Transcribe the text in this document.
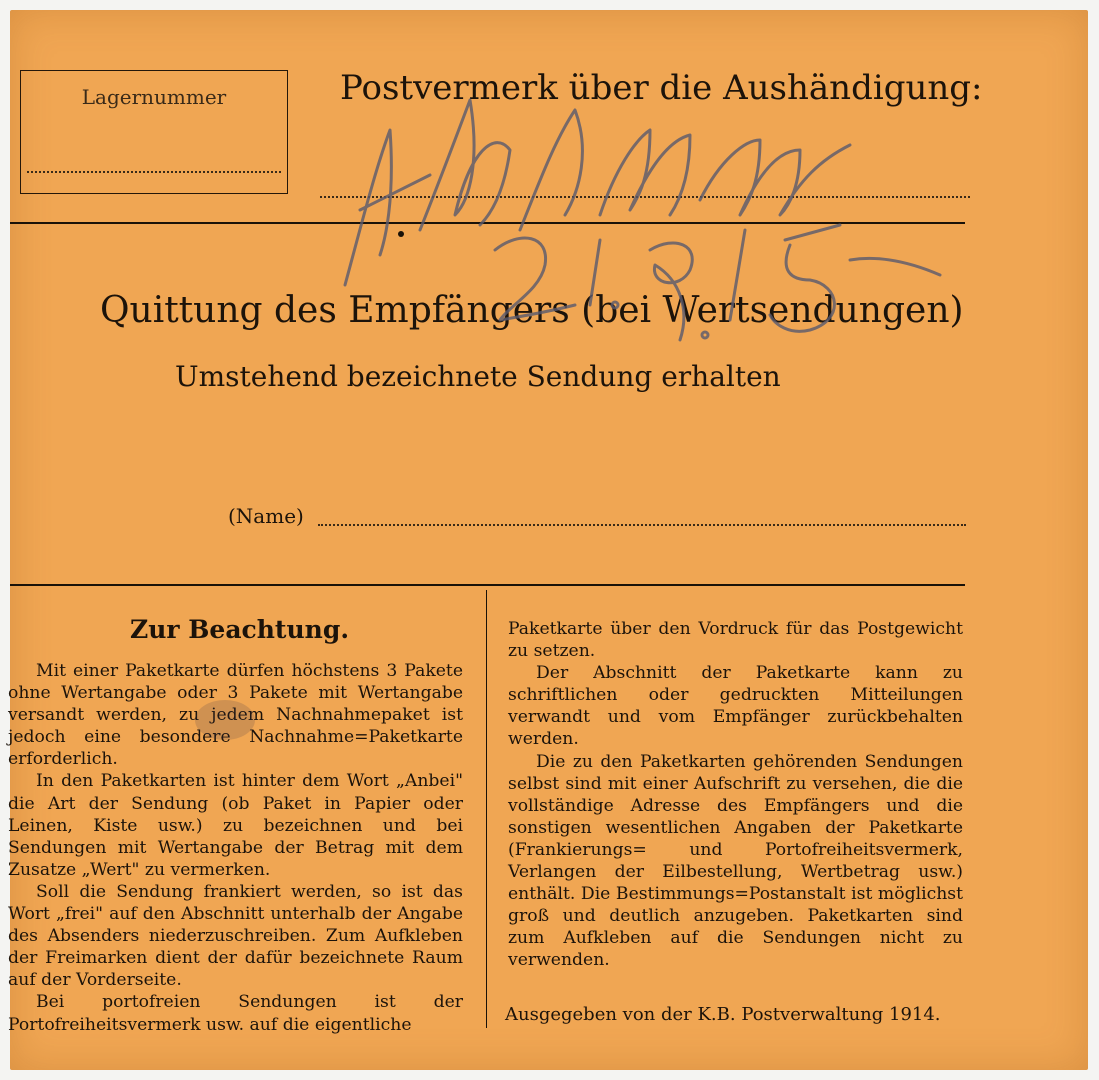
Lagernummer	Postvermerk über die Aushändigung:
Quittung des Empfängers (bei Wertsendungen)
Umstehend bezeichnete Sendung erhalten
(Name)
Zur Beachtung.

Mit einer Paketkarte dürfen höchstens 3 Pakete ohne Wertangabe oder 3 Pakete mit Wertangabe versandt werden, zu jedem Nachnahmepaket ist jedoch eine besondere Nachnahme=Paketkarte erforderlich.

In den Paketkarten ist hinter dem Wort „Anbei" die Art der Sendung (ob Paket in Papier oder Leinen, Kiste usw.) zu bezeichnen und bei Sendungen mit Wertangabe der Betrag mit dem Zusatze „Wert" zu vermerken.

Soll die Sendung frankiert werden, so ist das Wort „frei" auf den Abschnitt unterhalb der Angabe des Absenders niederzuschreiben. Zum Aufkleben der Freimarken dient der dafür bezeichnete Raum auf der Vorderseite.

Bei portofreien Sendungen ist der Portofreiheitsvermerk usw. auf die eigentliche

Paketkarte über den Vordruck für das Postgewicht zu setzen.

Der Abschnitt der Paketkarte kann zu schriftlichen oder gedruckten Mitteilungen verwandt und vom Empfänger zurückbehalten werden.

Die zu den Paketkarten gehörenden Sendungen selbst sind mit einer Aufschrift zu versehen, die die vollständige Adresse des Empfängers und die sonstigen wesentlichen Angaben der Paketkarte (Frankierungs= und Portofreiheitsvermerk, Verlangen der Eilbestellung, Wertbetrag usw.) enthält. Die Bestimmungs=Postanstalt ist möglichst groß und deutlich anzugeben. Paketkarten sind zum Aufkleben auf die Sendungen nicht zu verwenden.

Ausgegeben von der K.B. Postverwaltung 1914.
